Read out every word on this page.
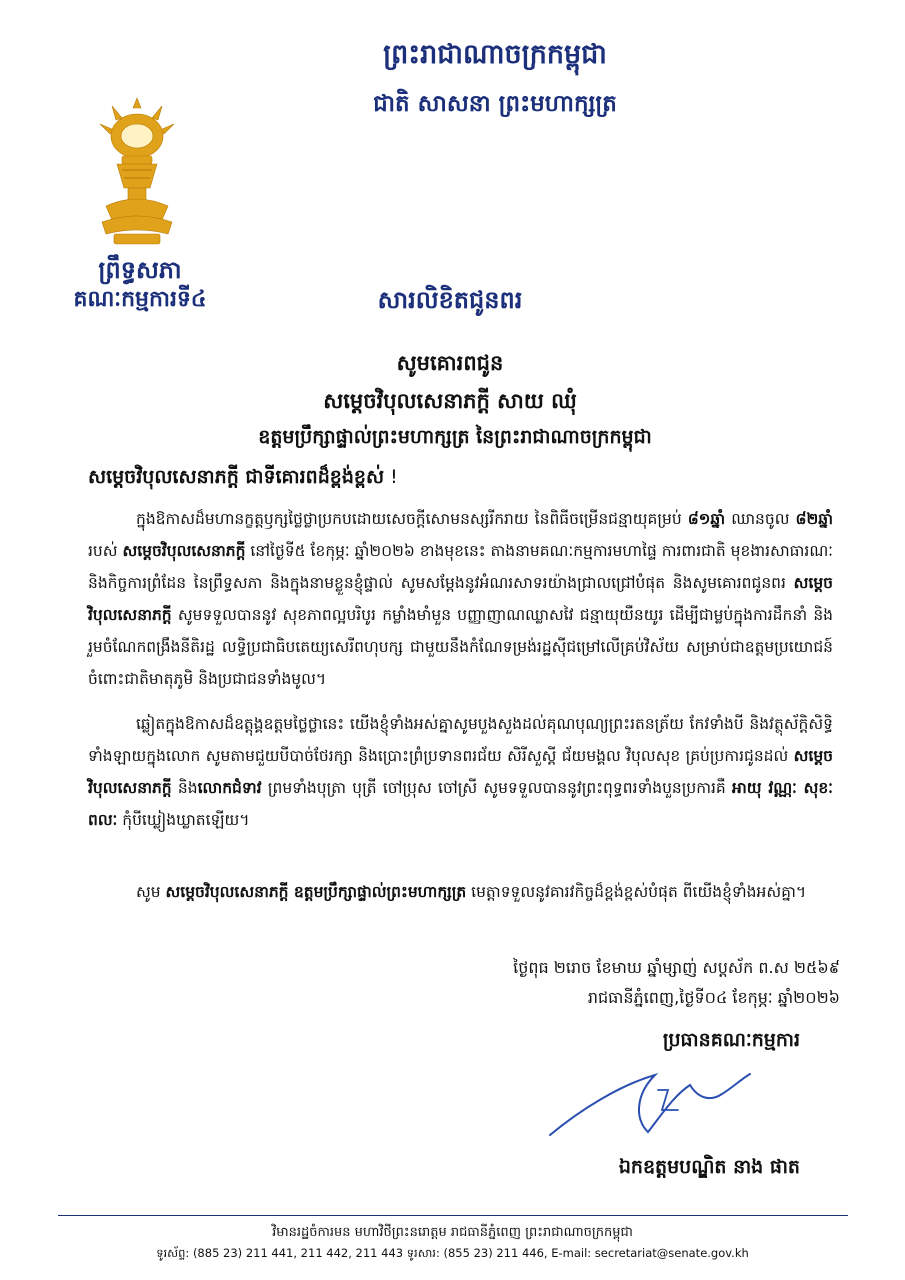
ព្រះរាជាណាចក្រកម្ពុជា
ជាតិ សាសនា ព្រះមហាក្សត្រ
ព្រឹទ្ធសភា
គណៈកម្មការទី៤	សារលិខិតជូនពរ
សូមគោរពជូន
សម្តេចវិបុលសេនាភក្តី សាយ ឈុំ
ឧត្តមប្រឹក្សាផ្ទាល់ព្រះមហាក្សត្រ នៃព្រះរាជាណាចក្រកម្ពុជា
សម្តេចវិបុលសេនាភក្តី ជាទីគោរពដ៏ខ្ពង់ខ្ពស់ !
ក្នុងឱកាសដ៏មហានក្ខត្តឫក្សថ្លៃថ្លាប្រកបដោយសេចក្តីសោមនស្សរីករាយ នៃពិធីចម្រើនជន្មាយុគម្រប់ ៨១ឆ្នាំ ឈានចូល ៨២ឆ្នាំ របស់ សម្តេចវិបុលសេនាភក្តី នៅថ្ងៃទី៥ ខែកុម្ភៈ ឆ្នាំ២០២៦ ខាងមុខនេះ តាងនាមគណៈកម្មការមហាផ្ទៃ ការពារជាតិ មុខងារសាធារណៈ និងកិច្ចការព្រំដែន នៃព្រឹទ្ធសភា និងក្នុងនាមខ្លួនខ្ញុំផ្ទាល់ សូមសម្តែងនូវអំណរសាទរយ៉ាងជ្រាលជ្រៅបំផុត និងសូមគោរពជូនពរ សម្តេចវិបុលសេនាភក្តី សូមទទួលបាននូវ សុខភាពល្អបរិបូរ កម្លាំងមាំមួន បញ្ញាញាណឈ្លាសវៃ ជន្មាយុយឺនយូរ ដើម្បីជាម្លប់ក្នុងការដឹកនាំ និងរួមចំណែកពង្រឹងនីតិរដ្ឋ លទ្ធិប្រជាធិបតេយ្យសេរីពហុបក្ស ជាមួយនឹងកំណែទម្រង់រដ្ឋស៊ីជម្រៅលើគ្រប់វិស័យ សម្រាប់ជាឧត្តមប្រយោជន៍ចំពោះជាតិមាតុភូមិ និងប្រជាជនទាំងមូល។
ឆ្លៀតក្នុងឱកាសដ៏ឧត្តុង្គឧត្តមថ្លៃថ្លានេះ យើងខ្ញុំទាំងអស់គ្នាសូមបួងសួងដល់គុណបុណ្យព្រះរតនត្រ័យ កែវទាំងបី និងវត្ថុស័ក្តិសិទ្ធិទាំងឡាយក្នុងលោក សូមតាមជួយបីបាច់ថែរក្សា និងប្រោះព្រំប្រទានពរជ័យ សិរីសួស្តី ជ័យមង្គល វិបុលសុខ គ្រប់ប្រការជូនដល់ សម្តេចវិបុលសេនាភក្តី និងលោកជំទាវ ព្រមទាំងបុត្រា បុត្រី ចៅប្រុស ចៅស្រី សូមទទួលបាននូវព្រះពុទ្ធពរទាំងបួនប្រការគឺ អាយុ វណ្ណៈ សុខៈ ពលៈ កុំបីឃ្លៀងឃ្លាតឡើយ។
សូម សម្តេចវិបុលសេនាភក្តី ឧត្តមប្រឹក្សាផ្ទាល់ព្រះមហាក្សត្រ មេត្តាទទួលនូវគារវកិច្ចដ៏ខ្ពង់ខ្ពស់បំផុត ពីយើងខ្ញុំទាំងអស់គ្នា។
ថ្ងៃពុធ ២រោច ខែមាឃ ឆ្នាំម្សាញ់ សប្តស័ក ព.ស ២៥៦៩
រាជធានីភ្នំពេញ,ថ្ងៃទី០៤ ខែកុម្ភៈ ឆ្នាំ២០២៦
ប្រធានគណៈកម្មការ
ឯកឧត្តមបណ្ឌិត នាង ផាត
វិមានរដ្ឋចំការមន មហាវិថីព្រះនរោត្តម រាជធានីភ្នំពេញ ព្រះរាជាណាចក្រកម្ពុជា
ទូរស័ព្ទ: (885 23) 211 441, 211 442, 211 443 ទូរសារ: (855 23) 211 446, E-mail: secretariat@senate.gov.kh
